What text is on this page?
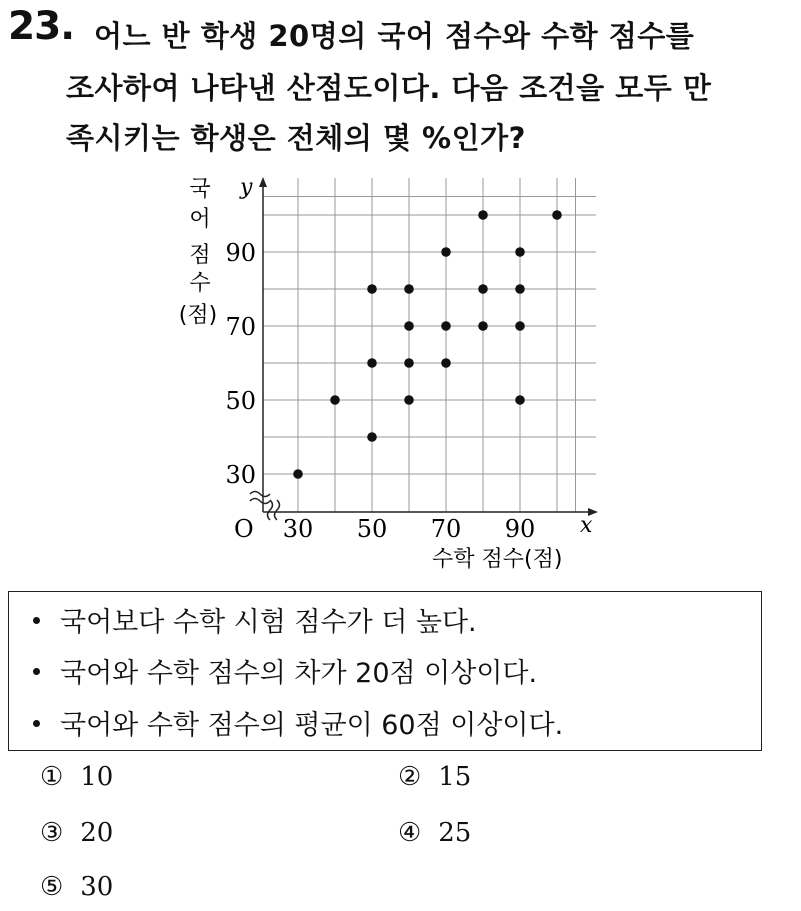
23. 어느 반 학생 20명의 국어 점수와 수학 점수를
조사하여 나타낸 산점도이다. 다음 조건을 모두 만
족시키는 학생은 전체의 몇 %인가?
30 50 70 90
90
70
50
30
국
어
점
수
(점)
O	x
y
수학 점수(점)
국어보다 수학 시험 점수가 더 높다.
국어와 수학 점수의 차가 20점 이상이다.
국어와 수학 점수의 평균이 60점 이상이다.
① 10	② 15
③ 20	④ 25
⑤ 30
